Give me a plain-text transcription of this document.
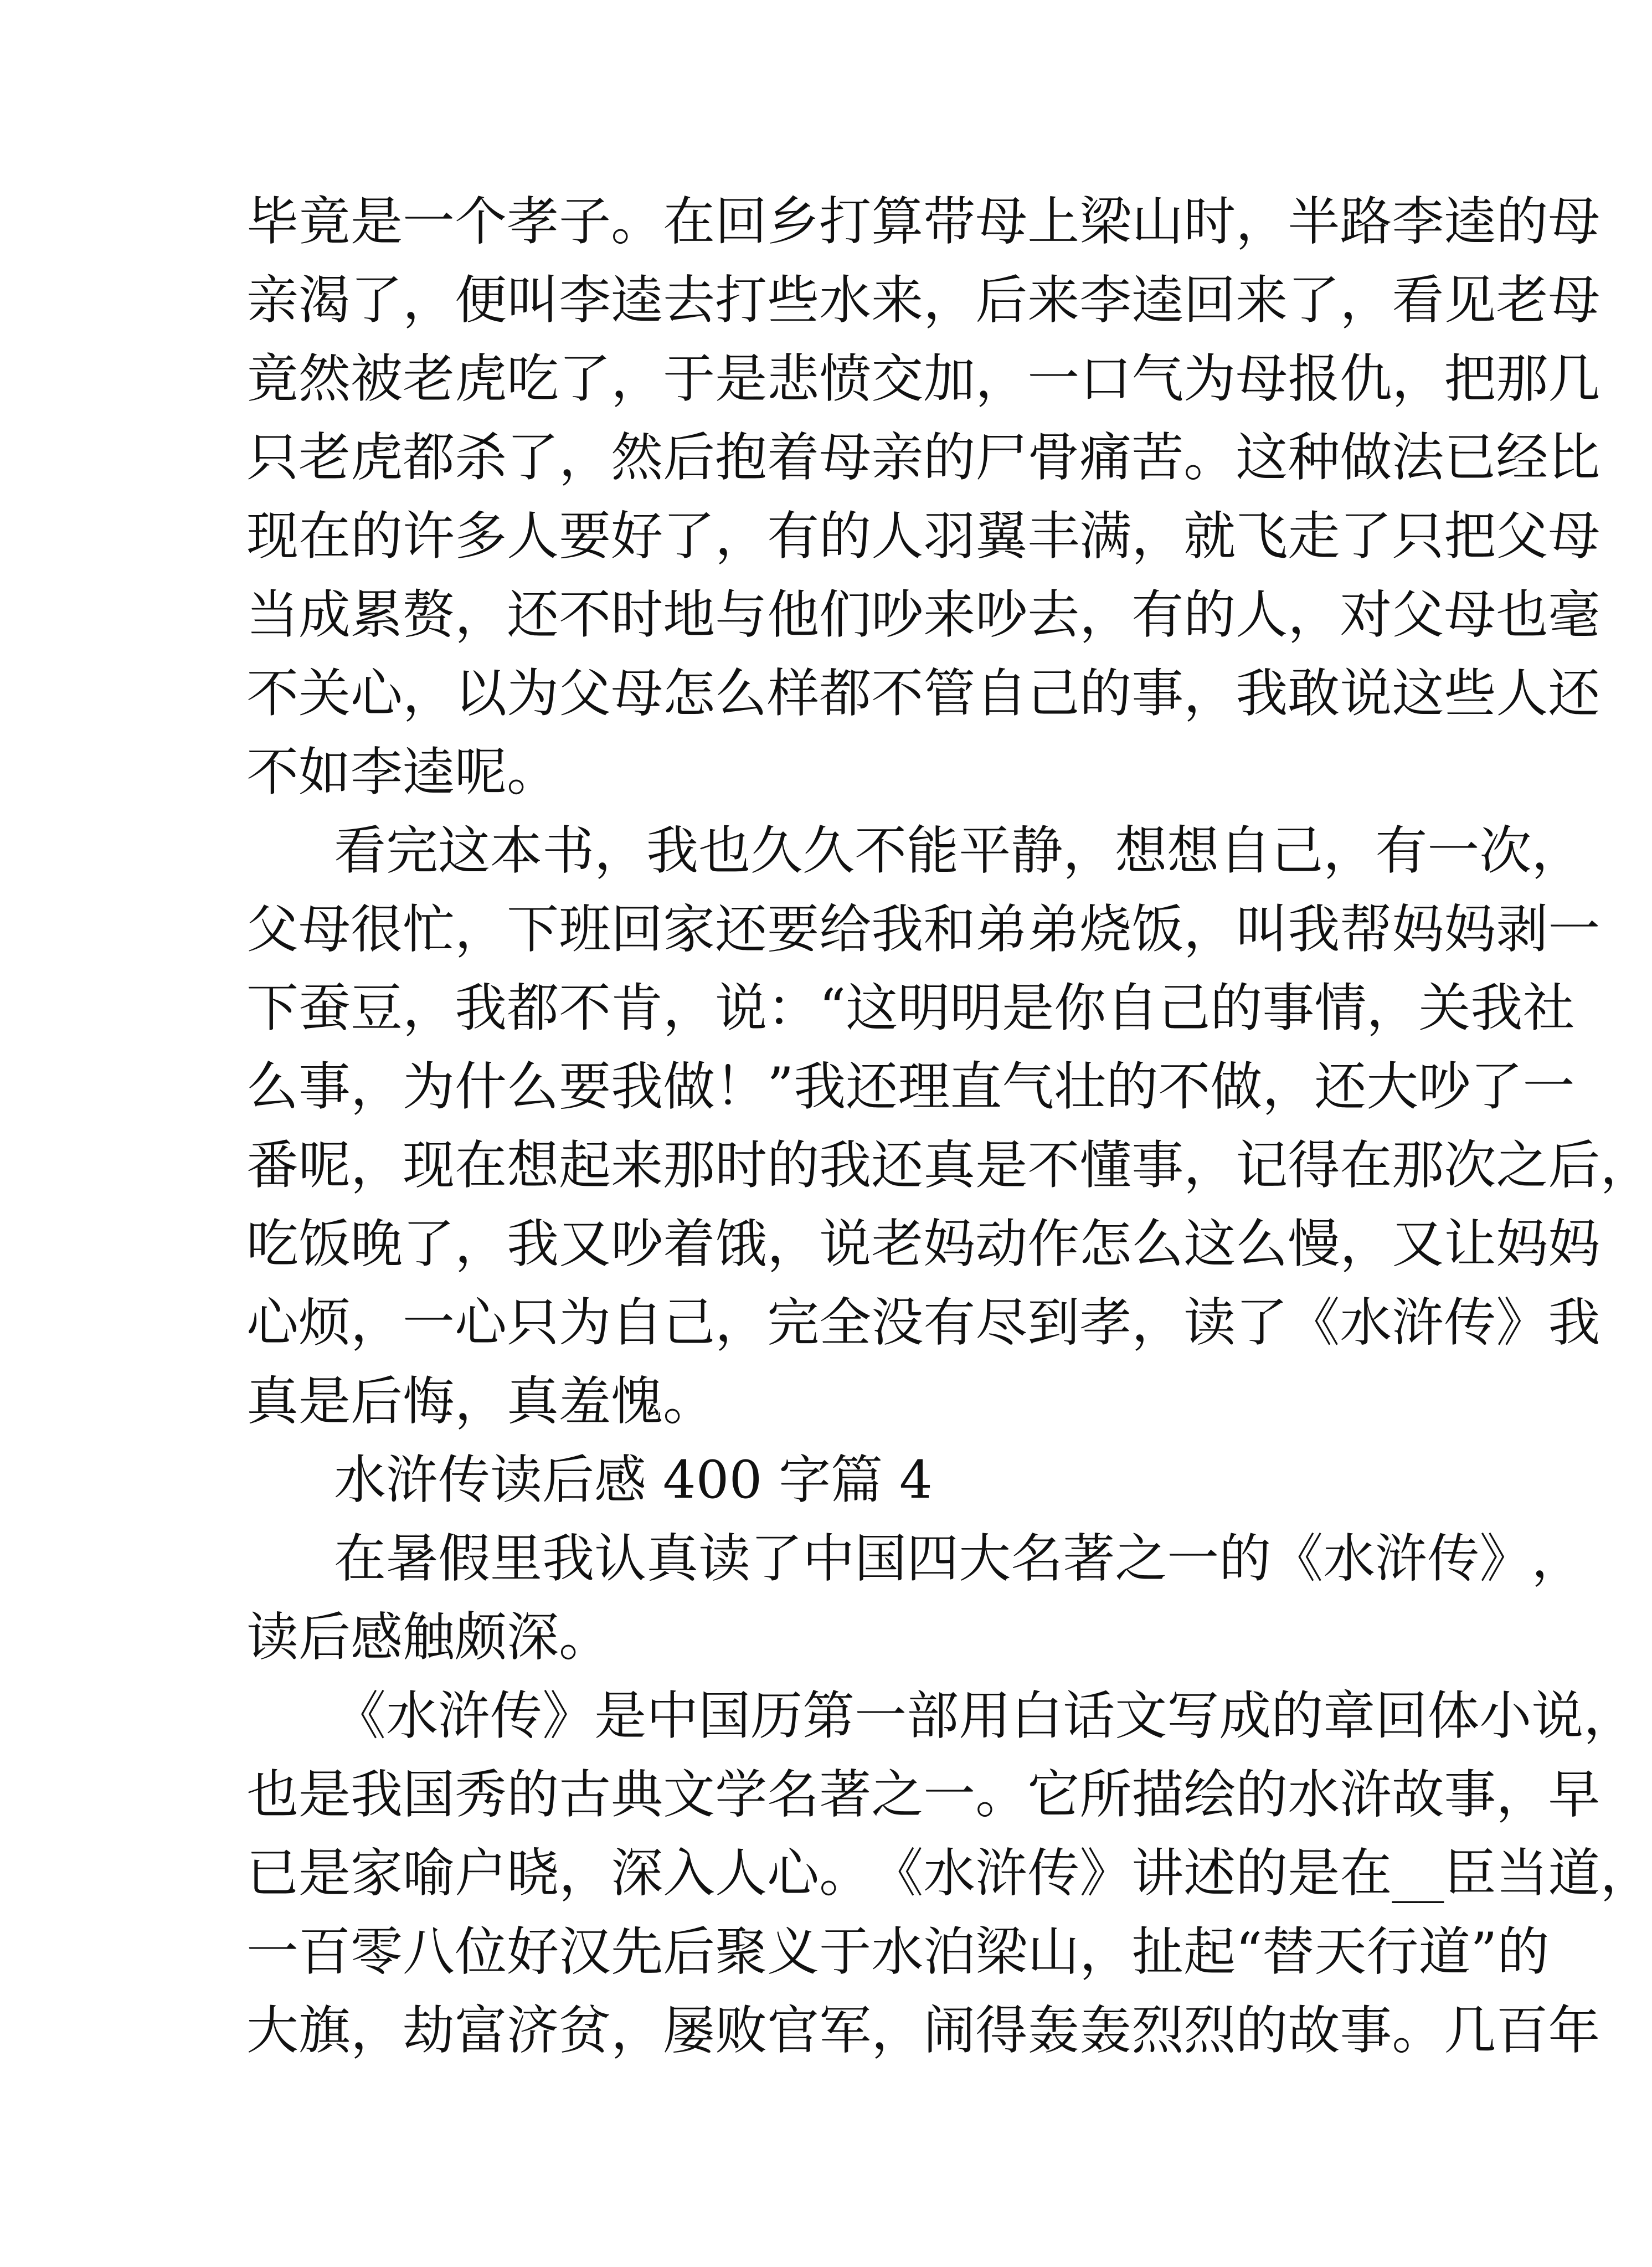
毕 竟 是 一 个 孝 子 。 在 回 乡 打 算 带 母 上 梁 山 时 ， 半 路 李 逵 的 母
亲 渴 了 ， 便 叫 李 逵 去 打 些 水 来 ， 后 来 李 逵 回 来 了 ， 看 见 老 母
竟 然 被 老 虎 吃 了 ， 于 是 悲 愤 交 加 ， 一 口 气 为 母 报 仇 ， 把 那 几
只 老 虎 都 杀 了 ， 然 后 抱 着 母 亲 的 尸 骨 痛 苦 。 这 种 做 法 已 经 比
现 在 的 许 多 人 要 好 了 ， 有 的 人 羽 翼 丰 满 ， 就 飞 走 了 只 把 父 母
当 成 累 赘 ， 还 不 时 地 与 他 们 吵 来 吵 去 ， 有 的 人 ， 对 父 母 也 毫
不 关 心 ， 以 为 父 母 怎 么 样 都 不 管 自 己 的 事 ， 我 敢 说 这 些 人 还
不如李逵呢。
看 完 这 本 书 ， 我 也 久 久 不 能 平 静 ， 想 想 自 己 ， 有 一 次 ，
父 母 很 忙 ， 下 班 回 家 还 要 给 我 和 弟 弟 烧 饭 ， 叫 我 帮 妈 妈 剥 一
下 蚕 豆 ， 我 都 不 肯 ， 说 ： “ 这 明 明 是 你 自 己 的 事 情 ， 关 我 社
么 事 ， 为 什 么 要 我 做 ！ ” 我 还 理 直 气 壮 的 不 做 ， 还 大 吵 了 一
番 呢 ， 现 在 想 起 来 那 时 的 我 还 真 是 不 懂 事 ， 记 得 在 那 次 之 后 ，
吃 饭 晚 了 ， 我 又 吵 着 饿 ， 说 老 妈 动 作 怎 么 这 么 慢 ， 又 让 妈 妈
心 烦 ， 一 心 只 为 自 己 ， 完 全 没 有 尽 到 孝 ， 读 了 《 水 浒 传 》 我
真是后悔，真羞愧。
水浒传读后感 400 字篇 4
在 暑 假 里 我 认 真 读 了 中 国 四 大 名 著 之 一 的 《 水 浒 传 》 ，
读后感触颇深。
《 水 浒 传 》 是 中 国 历 第 一 部 用 白 话 文 写 成 的 章 回 体 小 说 ，
也 是 我 国 秀 的 古 典 文 学 名 著 之 一 。 它 所 描 绘 的 水 浒 故 事 ， 早
已 是 家 喻 户 晓 ， 深 入 人 心 。 《 水 浒 传 》 讲 述 的 是 在 _ _ 臣 当 道 ，
一 百 零 八 位 好 汉 先 后 聚 义 于 水 泊 梁 山 ， 扯 起 “ 替 天 行 道 ” 的
大 旗 ， 劫 富 济 贫 ， 屡 败 官 军 ， 闹 得 轰 轰 烈 烈 的 故 事 。 几 百 年
